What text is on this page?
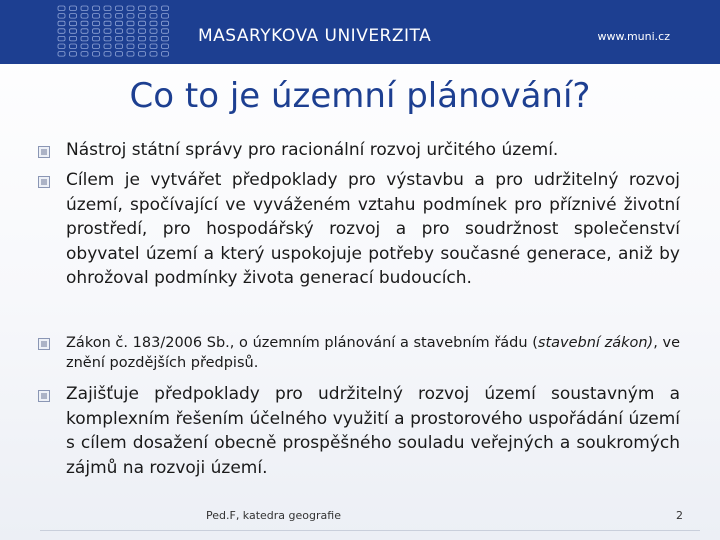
MASARYKOVA UNIVERZITA	www.muni.cz
Co to je územní plánování?
Nástroj státní správy pro racionální rozvoj určitého území.
Cílem je vytvářet předpoklady pro výstavbu a pro udržitelný rozvoj území, spočívající ve vyváženém vztahu podmínek pro příznivé životní prostředí, pro hospodářský rozvoj a pro soudržnost společenství obyvatel území a který uspokojuje potřeby současné generace, aniž by ohrožoval podmínky života generací budoucích.
Zákon č. 183/2006 Sb., o územním plánování a stavebním řádu (stavební zákon), ve znění pozdějších předpisů.
Zajišťuje předpoklady pro udržitelný rozvoj území soustavným a komplexním řešením účelného využití a prostorového uspořádání území s cílem dosažení obecně prospěšného souladu veřejných a soukromých zájmů na rozvoji území.
Ped.F, katedra geografie	2
